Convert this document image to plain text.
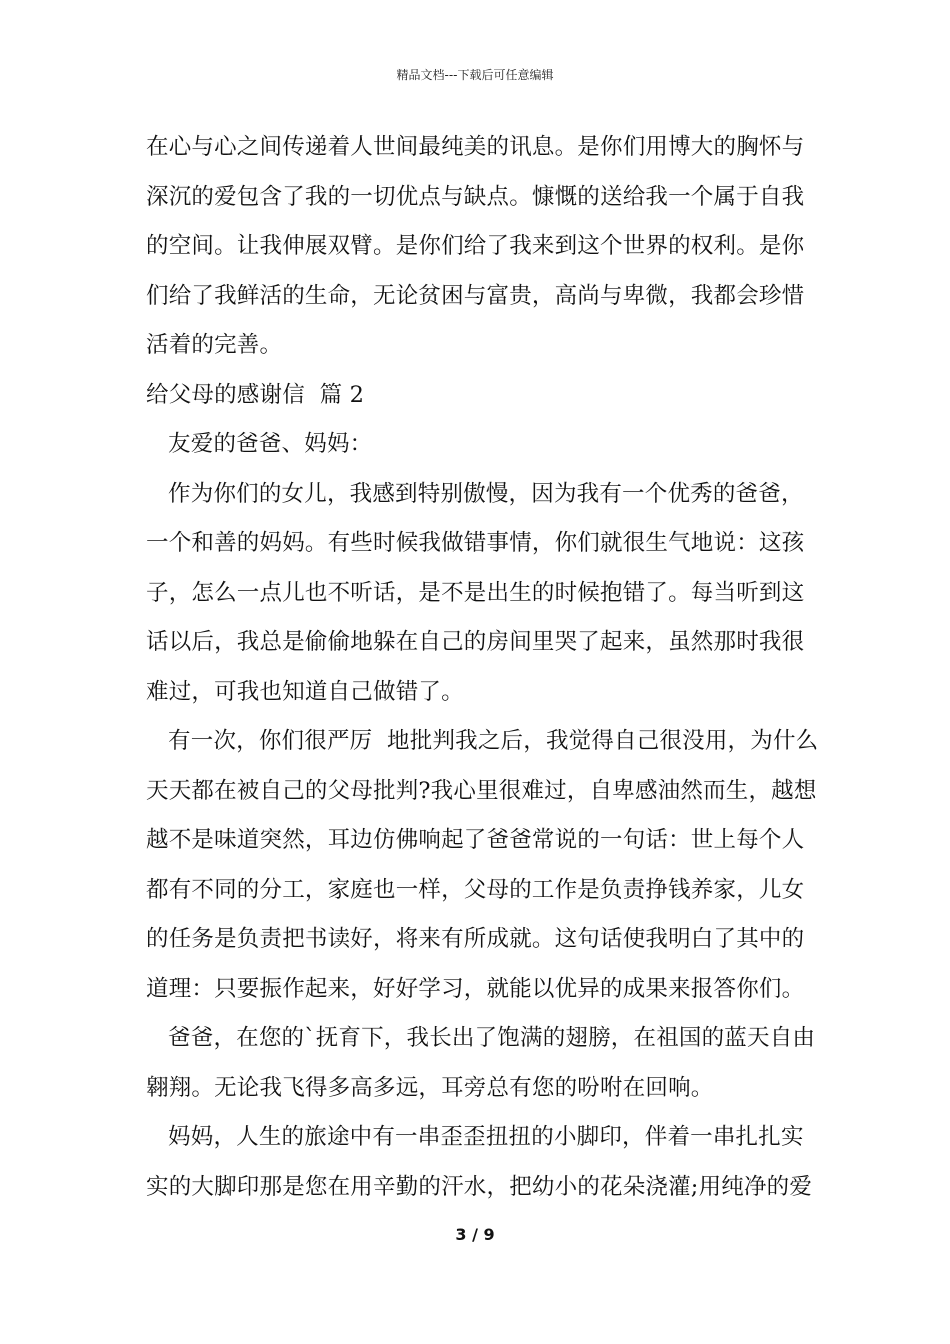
精品文档---下载后可任意编辑
在心与心之间传递着人世间最纯美的讯息。是你们用博大的胸怀与
深沉的爱包含了我的一切优点与缺点。慷慨的送给我一个属于自我
的空间。让我伸展双臂。是你们给了我来到这个世界的权利。是你
们给了我鲜活的生命，无论贫困与富贵，高尚与卑微，我都会珍惜
活着的完善。
给父母的感谢信  篇 2
友爱的爸爸、妈妈：
作为你们的女儿，我感到特别傲慢，因为我有一个优秀的爸爸，
一个和善的妈妈。有些时候我做错事情，你们就很生气地说：这孩
子，怎么一点儿也不听话，是不是出生的时候抱错了。每当听到这
话以后，我总是偷偷地躲在自己的房间里哭了起来，虽然那时我很
难过，可我也知道自己做错了。
有一次，你们很严厉  地批判我之后，我觉得自己很没用，为什么
天天都在被自己的父母批判?我心里很难过，自卑感油然而生，越想
越不是味道突然，耳边仿佛响起了爸爸常说的一句话：世上每个人
都有不同的分工，家庭也一样，父母的工作是负责挣钱养家，儿女
的任务是负责把书读好，将来有所成就。这句话使我明白了其中的
道理：只要振作起来，好好学习，就能以优异的成果来报答你们。
爸爸，在您的`抚育下，我长出了饱满的翅膀，在祖国的蓝天自由
翱翔。无论我飞得多高多远，耳旁总有您的吩咐在回响。
妈妈，人生的旅途中有一串歪歪扭扭的小脚印，伴着一串扎扎实
实的大脚印那是您在用辛勤的汗水，把幼小的花朵浇灌;用纯净的爱
3 / 9
